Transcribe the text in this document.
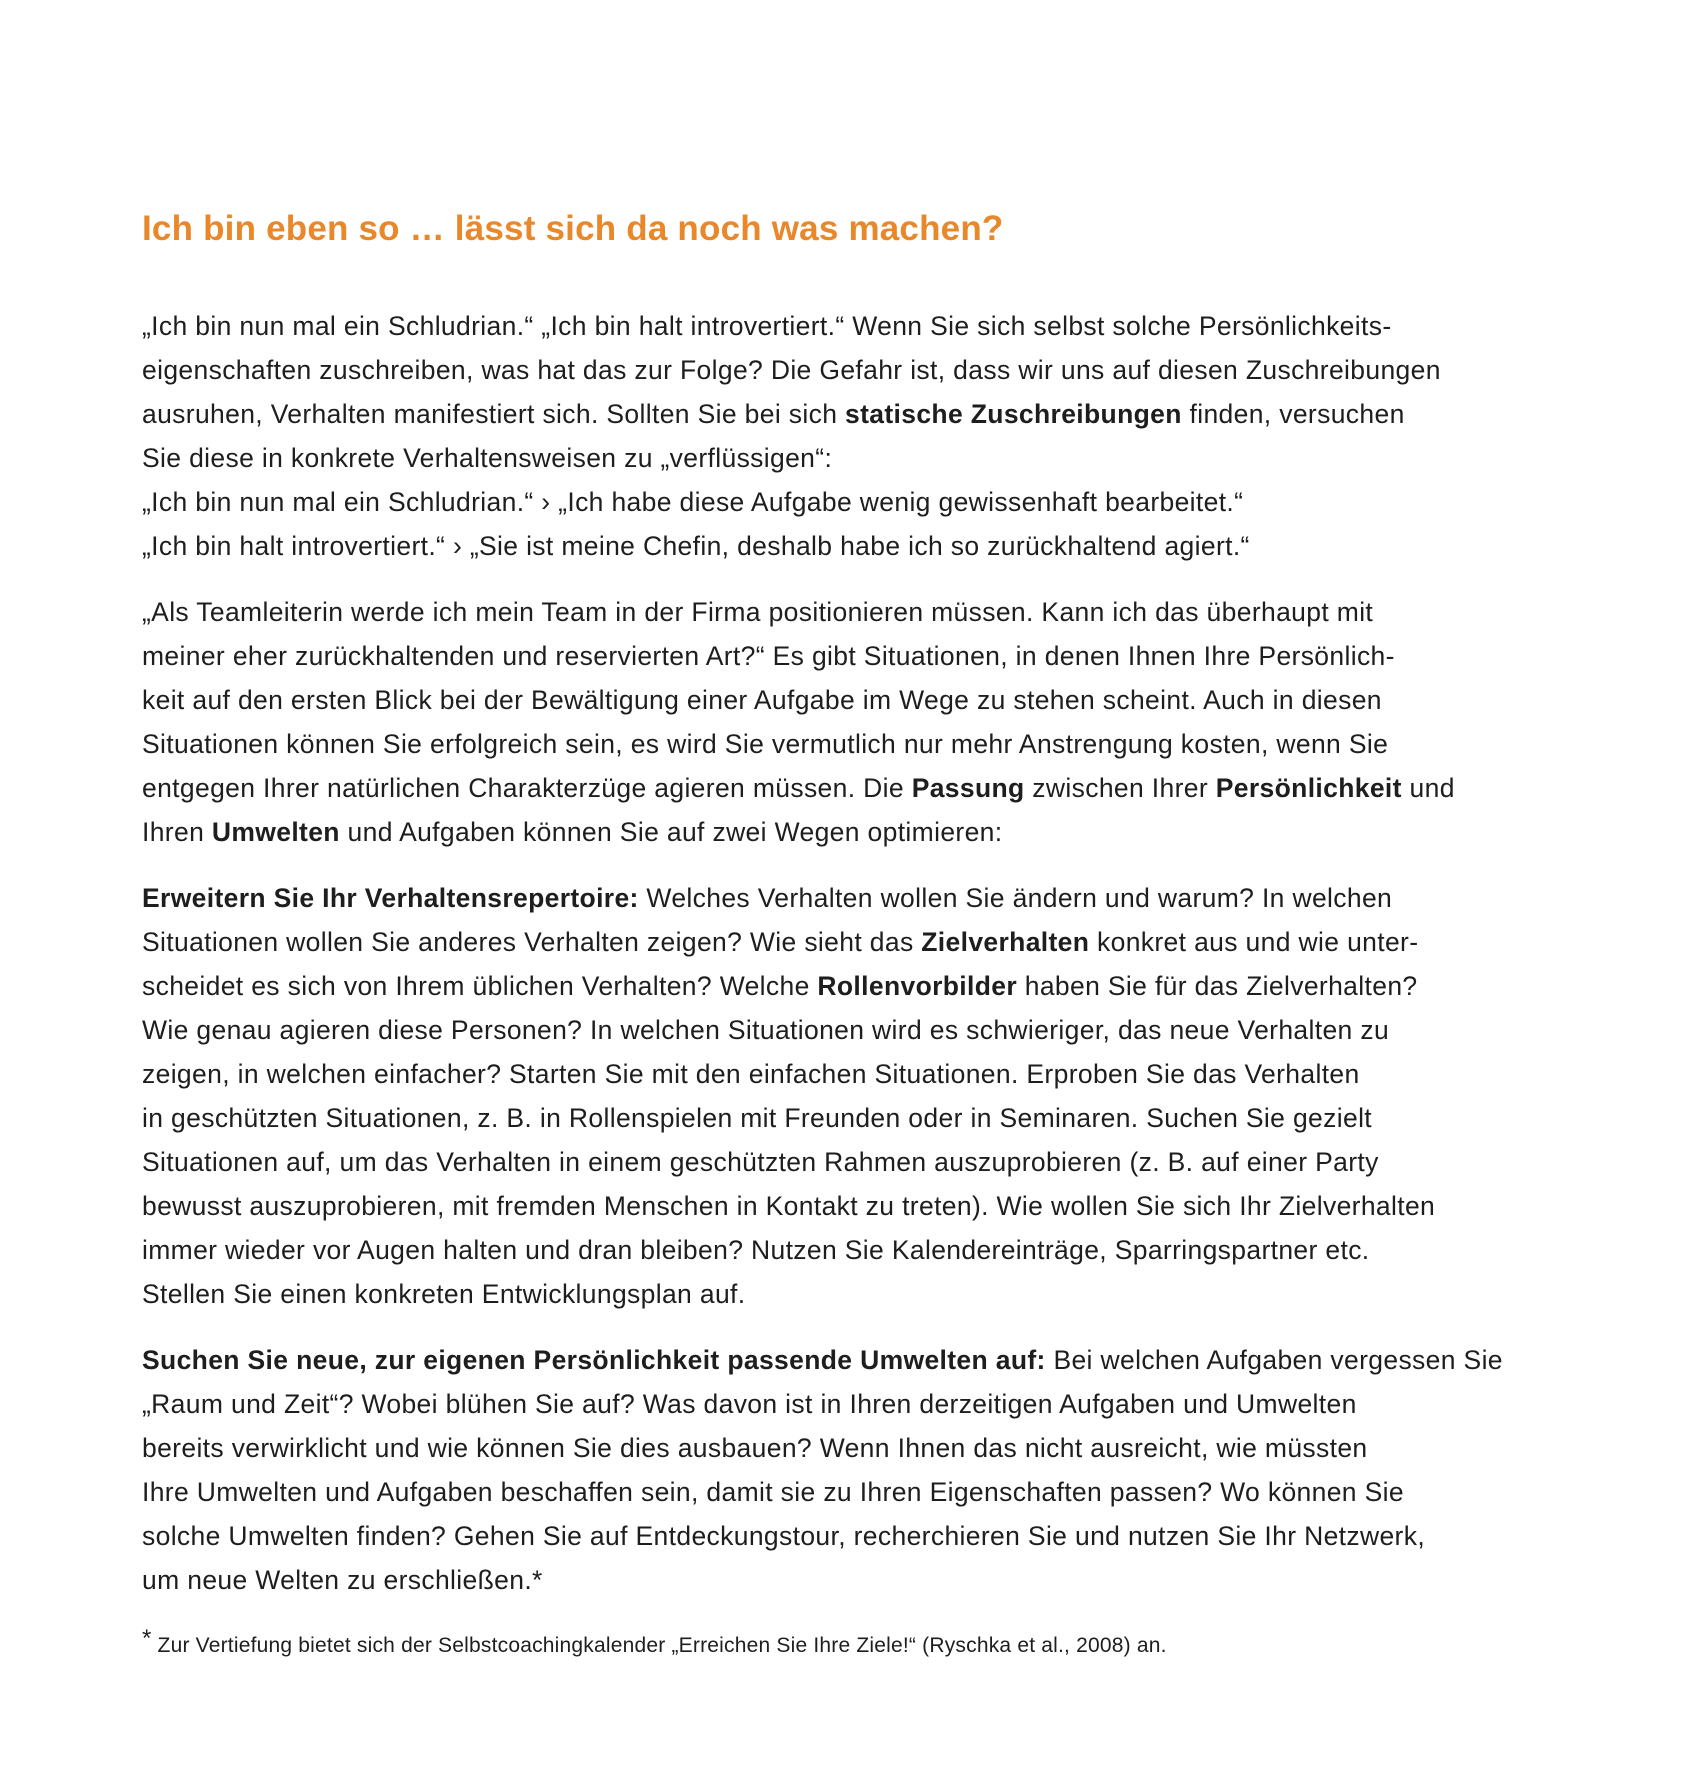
Ich bin eben so … lässt sich da noch was machen?

„Ich bin nun mal ein Schludrian.“ „Ich bin halt introvertiert.“ Wenn Sie sich selbst solche Persönlichkeits-
eigenschaften zuschreiben, was hat das zur Folge? Die Gefahr ist, dass wir uns auf diesen Zuschreibungen
ausruhen, Verhalten manifestiert sich. Sollten Sie bei sich statische Zuschreibungen finden, versuchen
Sie diese in konkrete Verhaltensweisen zu „verflüssigen“:
„Ich bin nun mal ein Schludrian.“ › „Ich habe diese Aufgabe wenig gewissenhaft bearbeitet.“
„Ich bin halt introvertiert.“ › „Sie ist meine Chefin, deshalb habe ich so zurückhaltend agiert.“

„Als Teamleiterin werde ich mein Team in der Firma positionieren müssen. Kann ich das überhaupt mit
meiner eher zurückhaltenden und reservierten Art?“ Es gibt Situationen, in denen Ihnen Ihre Persönlich-
keit auf den ersten Blick bei der Bewältigung einer Aufgabe im Wege zu stehen scheint. Auch in diesen
Situationen können Sie erfolgreich sein, es wird Sie vermutlich nur mehr Anstrengung kosten, wenn Sie
entgegen Ihrer natürlichen Charakterzüge agieren müssen. Die Passung zwischen Ihrer Persönlichkeit und
Ihren Umwelten und Aufgaben können Sie auf zwei Wegen optimieren:

Erweitern Sie Ihr Verhaltensrepertoire: Welches Verhalten wollen Sie ändern und warum? In welchen
Situationen wollen Sie anderes Verhalten zeigen? Wie sieht das Zielverhalten konkret aus und wie unter-
scheidet es sich von Ihrem üblichen Verhalten? Welche Rollenvorbilder haben Sie für das Zielverhalten?
Wie genau agieren diese Personen? In welchen Situationen wird es schwieriger, das neue Verhalten zu
zeigen, in welchen einfacher? Starten Sie mit den einfachen Situationen. Erproben Sie das Verhalten
in geschützten Situationen, z. B. in Rollenspielen mit Freunden oder in Seminaren. Suchen Sie gezielt
Situationen auf, um das Verhalten in einem geschützten Rahmen auszuprobieren (z. B. auf einer Party
bewusst auszuprobieren, mit fremden Menschen in Kontakt zu treten). Wie wollen Sie sich Ihr Zielverhalten
immer wieder vor Augen halten und dran bleiben? Nutzen Sie Kalendereinträge, Sparringspartner etc.
Stellen Sie einen konkreten Entwicklungsplan auf.

Suchen Sie neue, zur eigenen Persönlichkeit passende Umwelten auf: Bei welchen Aufgaben vergessen Sie
„Raum und Zeit“? Wobei blühen Sie auf? Was davon ist in Ihren derzeitigen Aufgaben und Umwelten
bereits verwirklicht und wie können Sie dies ausbauen? Wenn Ihnen das nicht ausreicht, wie müssten
Ihre Umwelten und Aufgaben beschaffen sein, damit sie zu Ihren Eigenschaften passen? Wo können Sie
solche Umwelten finden? Gehen Sie auf Entdeckungstour, recherchieren Sie und nutzen Sie Ihr Netzwerk,
um neue Welten zu erschließen.*

* Zur Vertiefung bietet sich der Selbstcoachingkalender „Erreichen Sie Ihre Ziele!“ (Ryschka et al., 2008) an.
